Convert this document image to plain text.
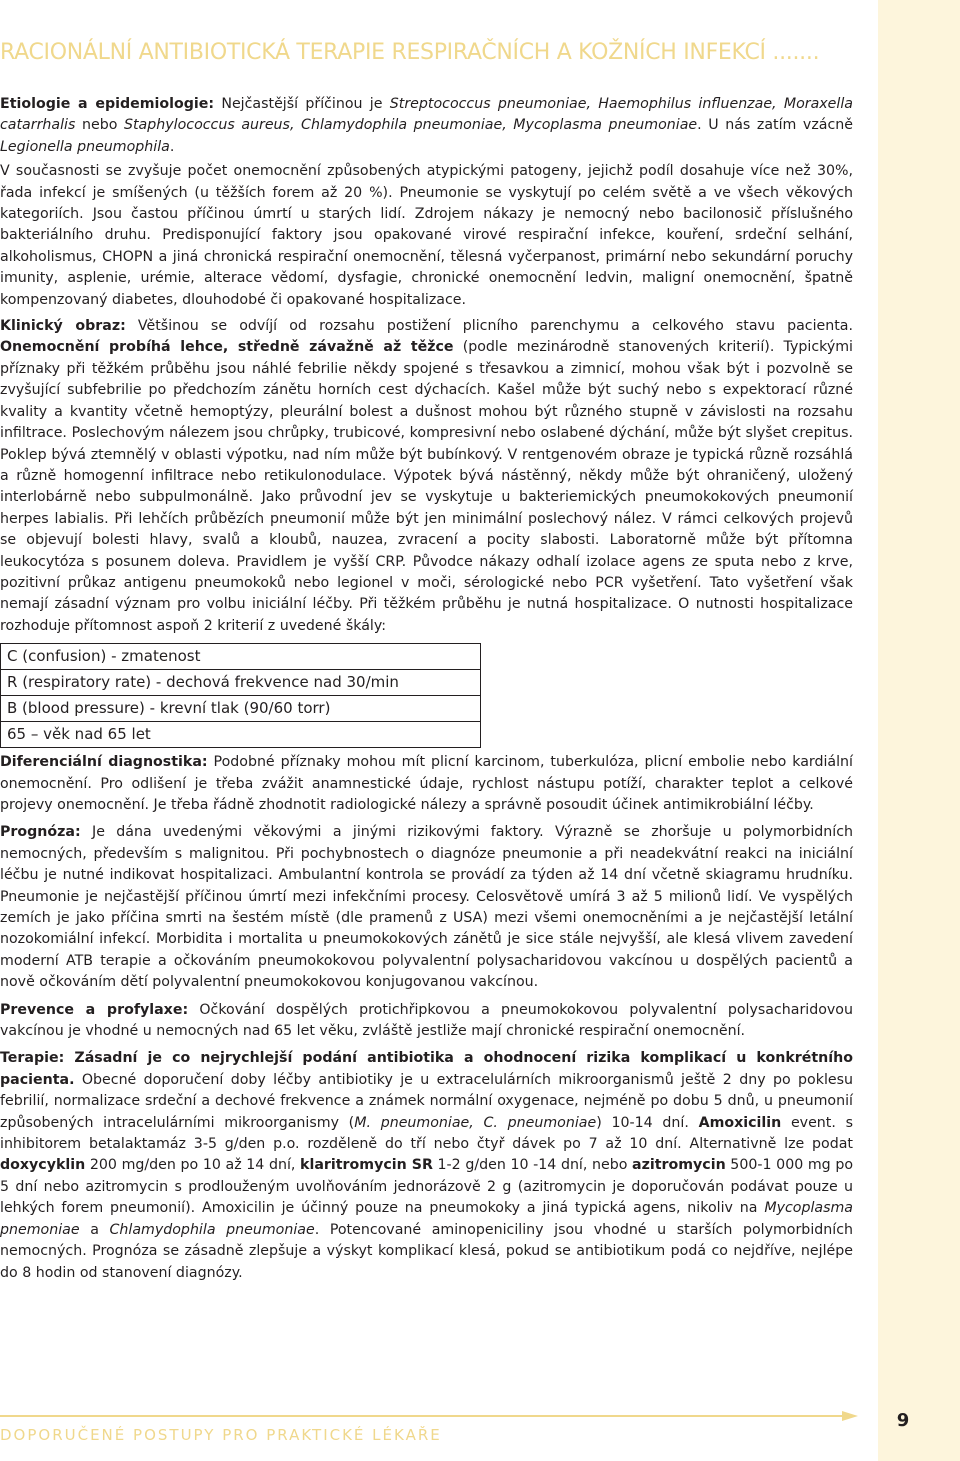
RACIONÁLNÍ ANTIBIOTICKÁ TERAPIE RESPIRAČNÍCH A KOŽNÍCH INFEKCÍ .......

Etiologie a epidemiologie: Nejčastější příčinou je Streptococcus pneumoniae, Haemophilus influenzae, Moraxella catarrhalis nebo Staphylococcus aureus, Chlamydophila pneumoniae, Mycoplasma pneumoniae. U nás zatím vzácně Legionella pneumophila.

V současnosti se zvyšuje počet onemocnění způsobených atypickými patogeny, jejichž podíl dosahuje více než 30%, řada infekcí je smíšených (u těžších forem až 20 %). Pneumonie se vyskytují po celém světě a ve všech věkových kategoriích. Jsou častou příčinou úmrtí u starých lidí. Zdrojem nákazy je nemocný nebo bacilonosič příslušného bakteriálního druhu. Predisponující faktory jsou opakované virové respirační infekce, kouření, srdeční selhání, alkoholismus, CHOPN a jiná chronická respirační onemocnění, tělesná vyčerpanost, primární nebo sekundární poruchy imunity, asplenie, urémie, alterace vědomí, dysfagie, chronické onemocnění ledvin, maligní onemocnění, špatně kompenzovaný diabetes, dlouhodobé či opakované hospitalizace.

Klinický obraz: Většinou se odvíjí od rozsahu postižení plicního parenchymu a celkového stavu pacienta. Onemocnění probíhá lehce, středně závažně až těžce (podle mezinárodně stanovených kriterií). Typickými příznaky při těžkém průběhu jsou náhlé febrilie někdy spojené s třesavkou a zimnicí, mohou však být i pozvolně se zvyšující subfebrilie po předchozím zánětu horních cest dýchacích. Kašel může být suchý nebo s expektorací různé kvality a kvantity včetně hemoptýzy, pleurální bolest a dušnost mohou být různého stupně v závislosti na rozsahu infiltrace. Poslechovým nálezem jsou chrůpky, trubicové, kompresivní nebo oslabené dýchání, může být slyšet crepitus. Poklep bývá ztemnělý v oblasti výpotku, nad ním může být bubínkový. V rentgenovém obraze je typická různě rozsáhlá a různě homogenní infiltrace nebo retikulonodulace. Výpotek bývá nástěnný, někdy může být ohraničený, uložený interlobárně nebo subpulmonálně. Jako průvodní jev se vyskytuje u bakteriemických pneumokokových pneumonií herpes labialis. Při lehčích průbězích pneumonií může být jen minimální poslechový nález. V rámci celkových projevů se objevují bolesti hlavy, svalů a kloubů, nauzea, zvracení a pocity slabosti. Laboratorně může být přítomna leukocytóza s posunem doleva. Pravidlem je vyšší CRP. Původce nákazy odhalí izolace agens ze sputa nebo z krve, pozitivní průkaz antigenu pneumokoků nebo legionel v moči, sérologické nebo PCR vyšetření. Tato vyšetření však nemají zásadní význam pro volbu iniciální léčby. Při těžkém průběhu je nutná hospitalizace. O nutnosti hospitalizace rozhoduje přítomnost aspoň 2 kriterií z uvedené škály:

C (confusion) - zmatenost
R (respiratory rate) - dechová frekvence nad 30/min
B (blood pressure) - krevní tlak (90/60 torr)
65 – věk nad 65 let

Diferenciální diagnostika: Podobné příznaky mohou mít plicní karcinom, tuberkulóza, plicní embolie nebo kardiální onemocnění. Pro odlišení je třeba zvážit anamnestické údaje, rychlost nástupu potíží, charakter teplot a celkové projevy onemocnění. Je třeba řádně zhodnotit radiologické nálezy a správně posoudit účinek antimikrobiální léčby.

Prognóza: Je dána uvedenými věkovými a jinými rizikovými faktory. Výrazně se zhoršuje u polymorbidních nemocných, především s malignitou. Při pochybnostech o diagnóze pneumonie a při neadekvátní reakci na iniciální léčbu je nutné indikovat hospitalizaci. Ambulantní kontrola se provádí za týden až 14 dní včetně skiagramu hrudníku. Pneumonie je nejčastější příčinou úmrtí mezi infekčními procesy. Celosvětově umírá 3 až 5 milionů lidí. Ve vyspělých zemích je jako příčina smrti na šestém místě (dle pramenů z USA) mezi všemi onemocněními a je nejčastější letální nozokomiální infekcí. Morbidita i mortalita u pneumokokových zánětů je sice stále nejvyšší, ale klesá vlivem zavedení moderní ATB terapie a očkováním pneumokokovou polyvalentní polysacharidovou vakcínou u dospělých pacientů a nově očkováním dětí polyvalentní pneumokokovou konjugovanou vakcínou.

Prevence a profylaxe: Očkování dospělých protichřipkovou a pneumokokovou polyvalentní polysacharidovou vakcínou je vhodné u nemocných nad 65 let věku, zvláště jestliže mají chronické respirační onemocnění.

Terapie: Zásadní je co nejrychlejší podání antibiotika a ohodnocení rizika komplikací u konkrétního pacienta. Obecné doporučení doby léčby antibiotiky je u extracelulárních mikroorganismů ještě 2 dny po poklesu febrilií, normalizace srdeční a dechové frekvence a známek normální oxygenace, nejméně po dobu 5 dnů, u pneumonií způsobených intracelulárními mikroorganismy (M. pneumoniae, C. pneumoniae) 10-14 dní. Amoxicilin event. s inhibitorem betalaktamáz 3-5 g/den p.o. rozděleně do tří nebo čtyř dávek po 7 až 10 dní. Alternativně lze podat doxycyklin 200 mg/den po 10 až 14 dní, klaritromycin SR 1-2 g/den 10 -14 dní, nebo azitromycin 500-1 000 mg po 5 dní nebo azitromycin s prodlouženým uvolňováním jednorázově 2 g (azitromycin je doporučován podávat pouze u lehkých forem pneumonií). Amoxicilin je účinný pouze na pneumokoky a jiná typická agens, nikoliv na Mycoplasma pnemoniae a Chlamydophila pneumoniae. Potencované aminopeniciliny jsou vhodné u starších polymorbidních nemocných. Prognóza se zásadně zlepšuje a výskyt komplikací klesá, pokud se antibiotikum podá co nejdříve, nejlépe do 8 hodin od stanovení diagnózy.

DOPORUČENÉ POSTUPY PRO PRAKTICKÉ LÉKAŘE
9
